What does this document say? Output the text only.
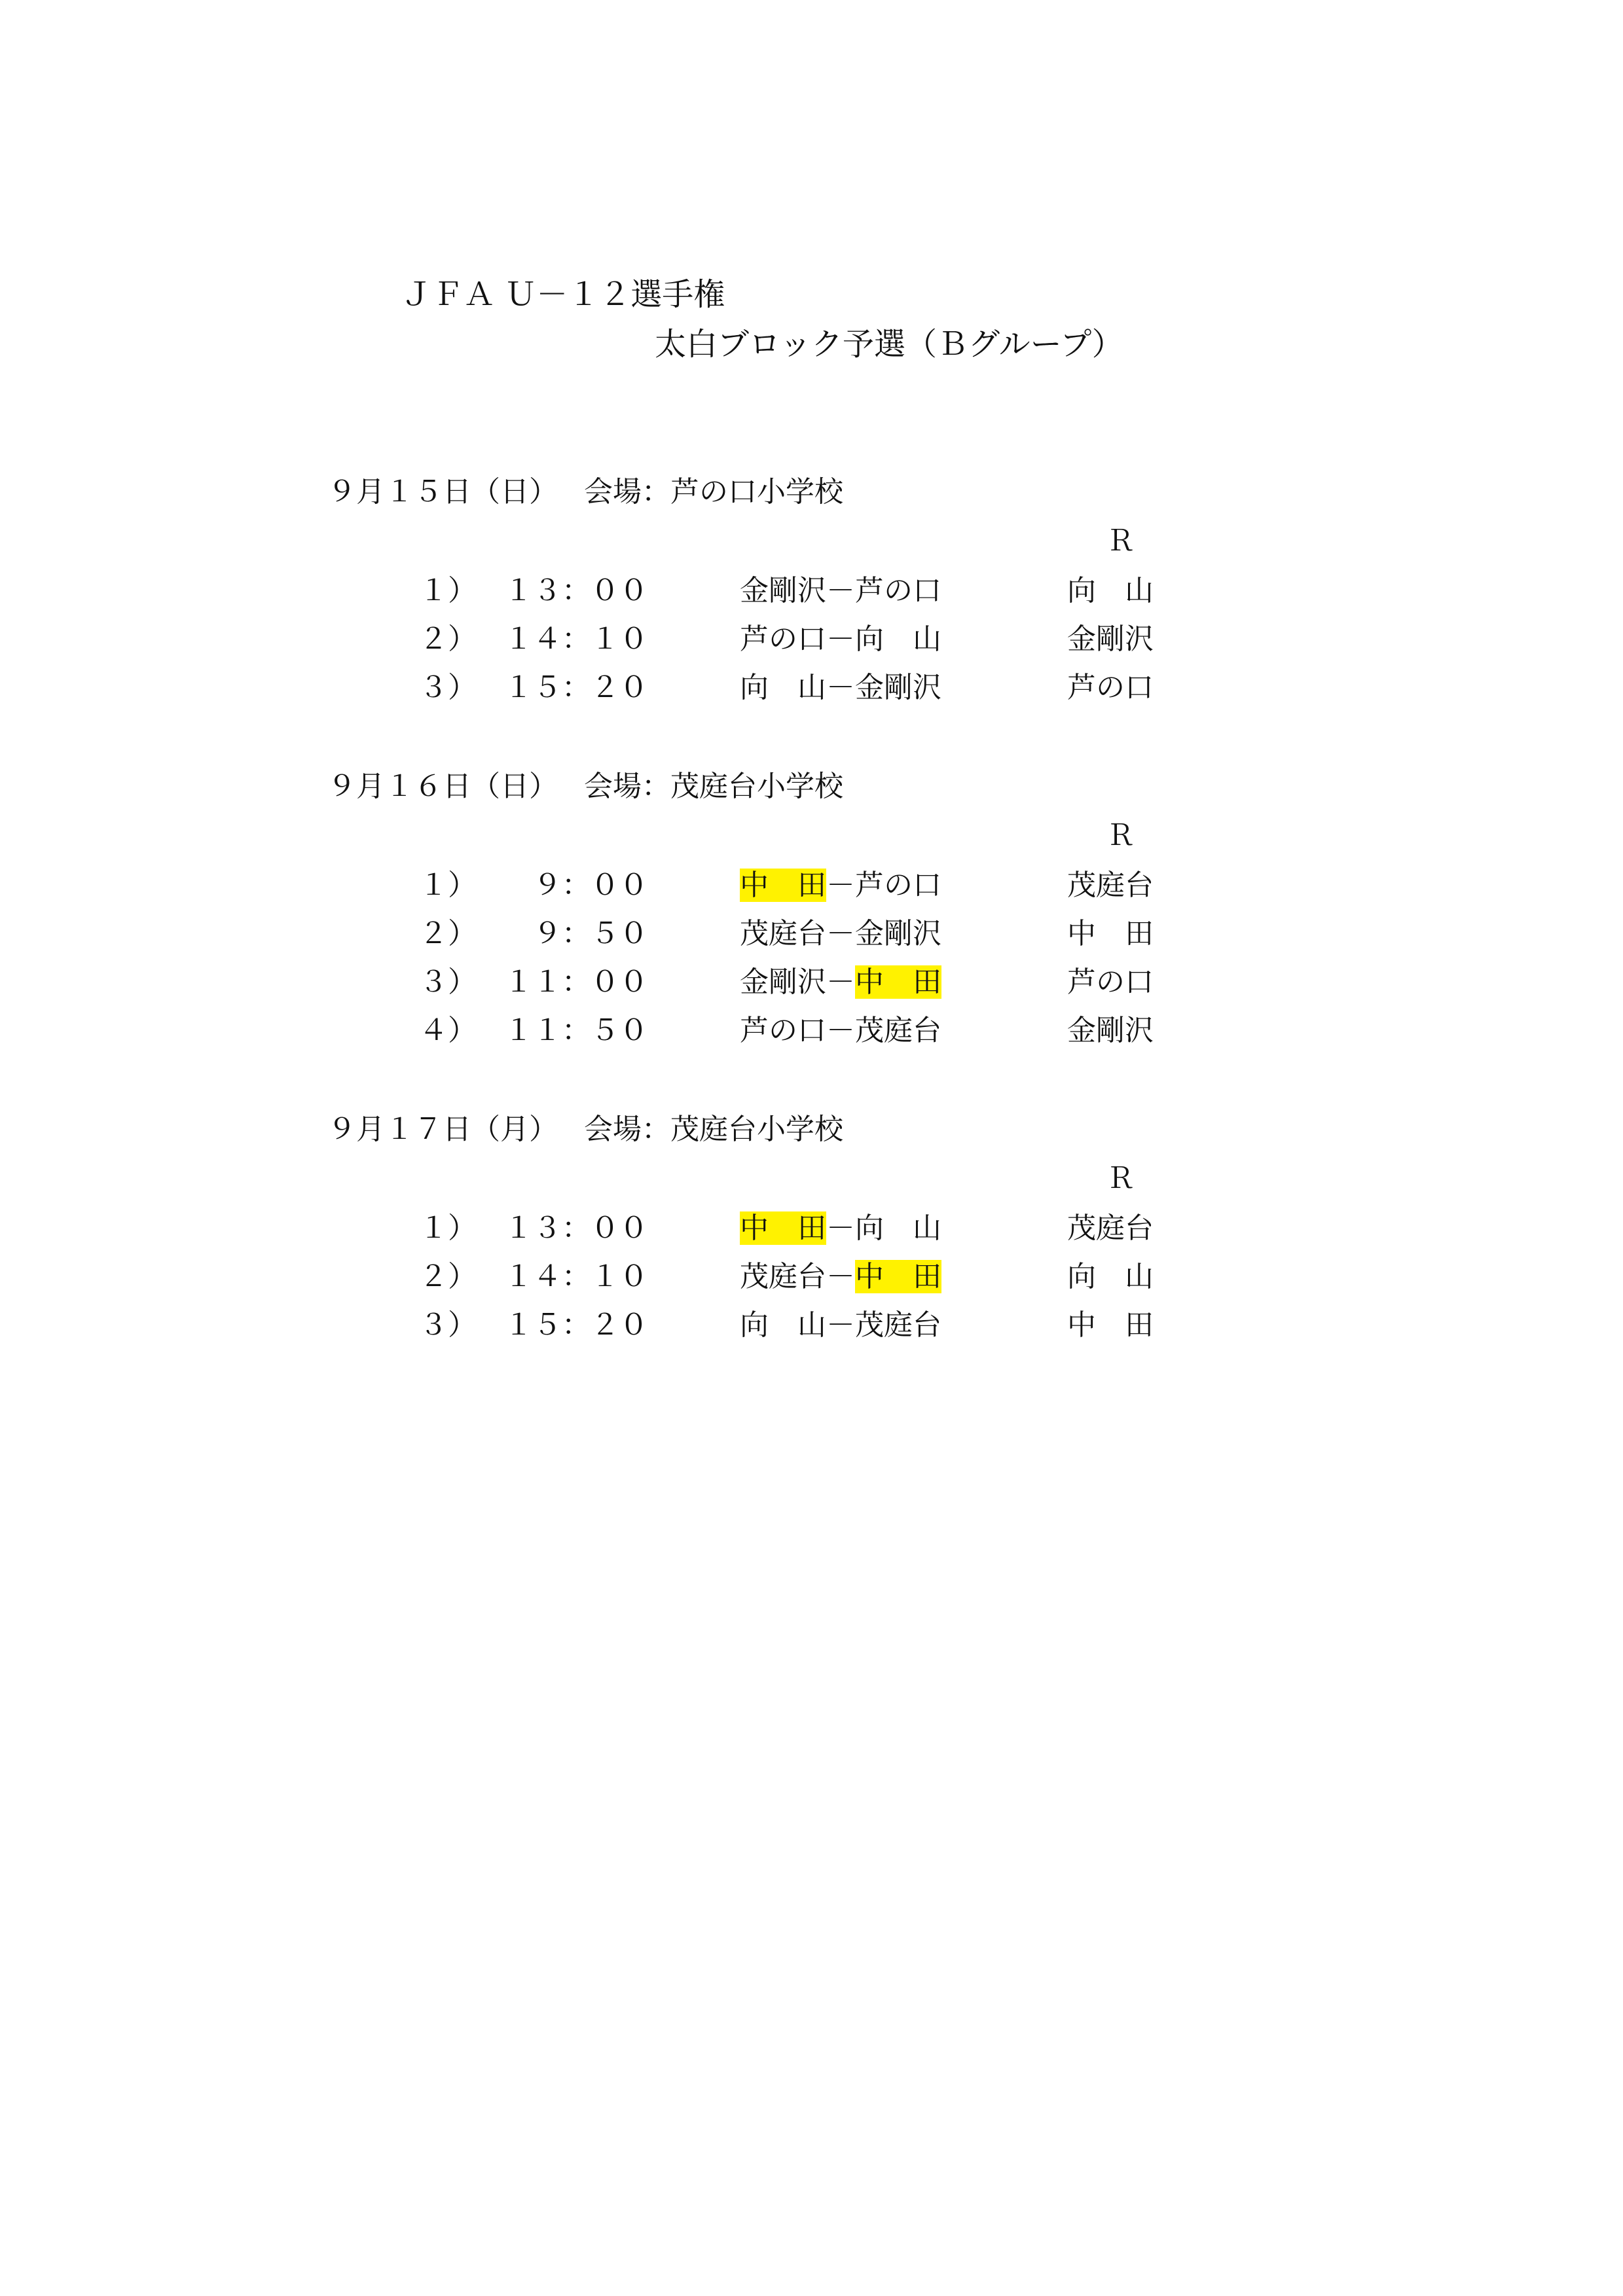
ＪＦＡ Ｕ－１２選手権
太白ブロック予選（Ｂグループ）
９月１５日（日） 会場：芦の口小学校
Ｒ
１） １３：００	金剛沢－芦の口	向　山
２） １４：１０	芦の口－向　山	金剛沢
３） １５：２０	向　山－金剛沢	芦の口
９月１６日（日） 会場：茂庭台小学校
Ｒ
１）	９：００	中　田－芦の口	茂庭台
２）	９：５０	茂庭台－金剛沢	中　田
３） １１：００	金剛沢－中　田	芦の口
４） １１：５０	芦の口－茂庭台	金剛沢
９月１７日（月） 会場：茂庭台小学校
Ｒ
１） １３：００	中　田－向　山	茂庭台
２） １４：１０	茂庭台－中　田	向　山
３） １５：２０	向　山－茂庭台	中　田
